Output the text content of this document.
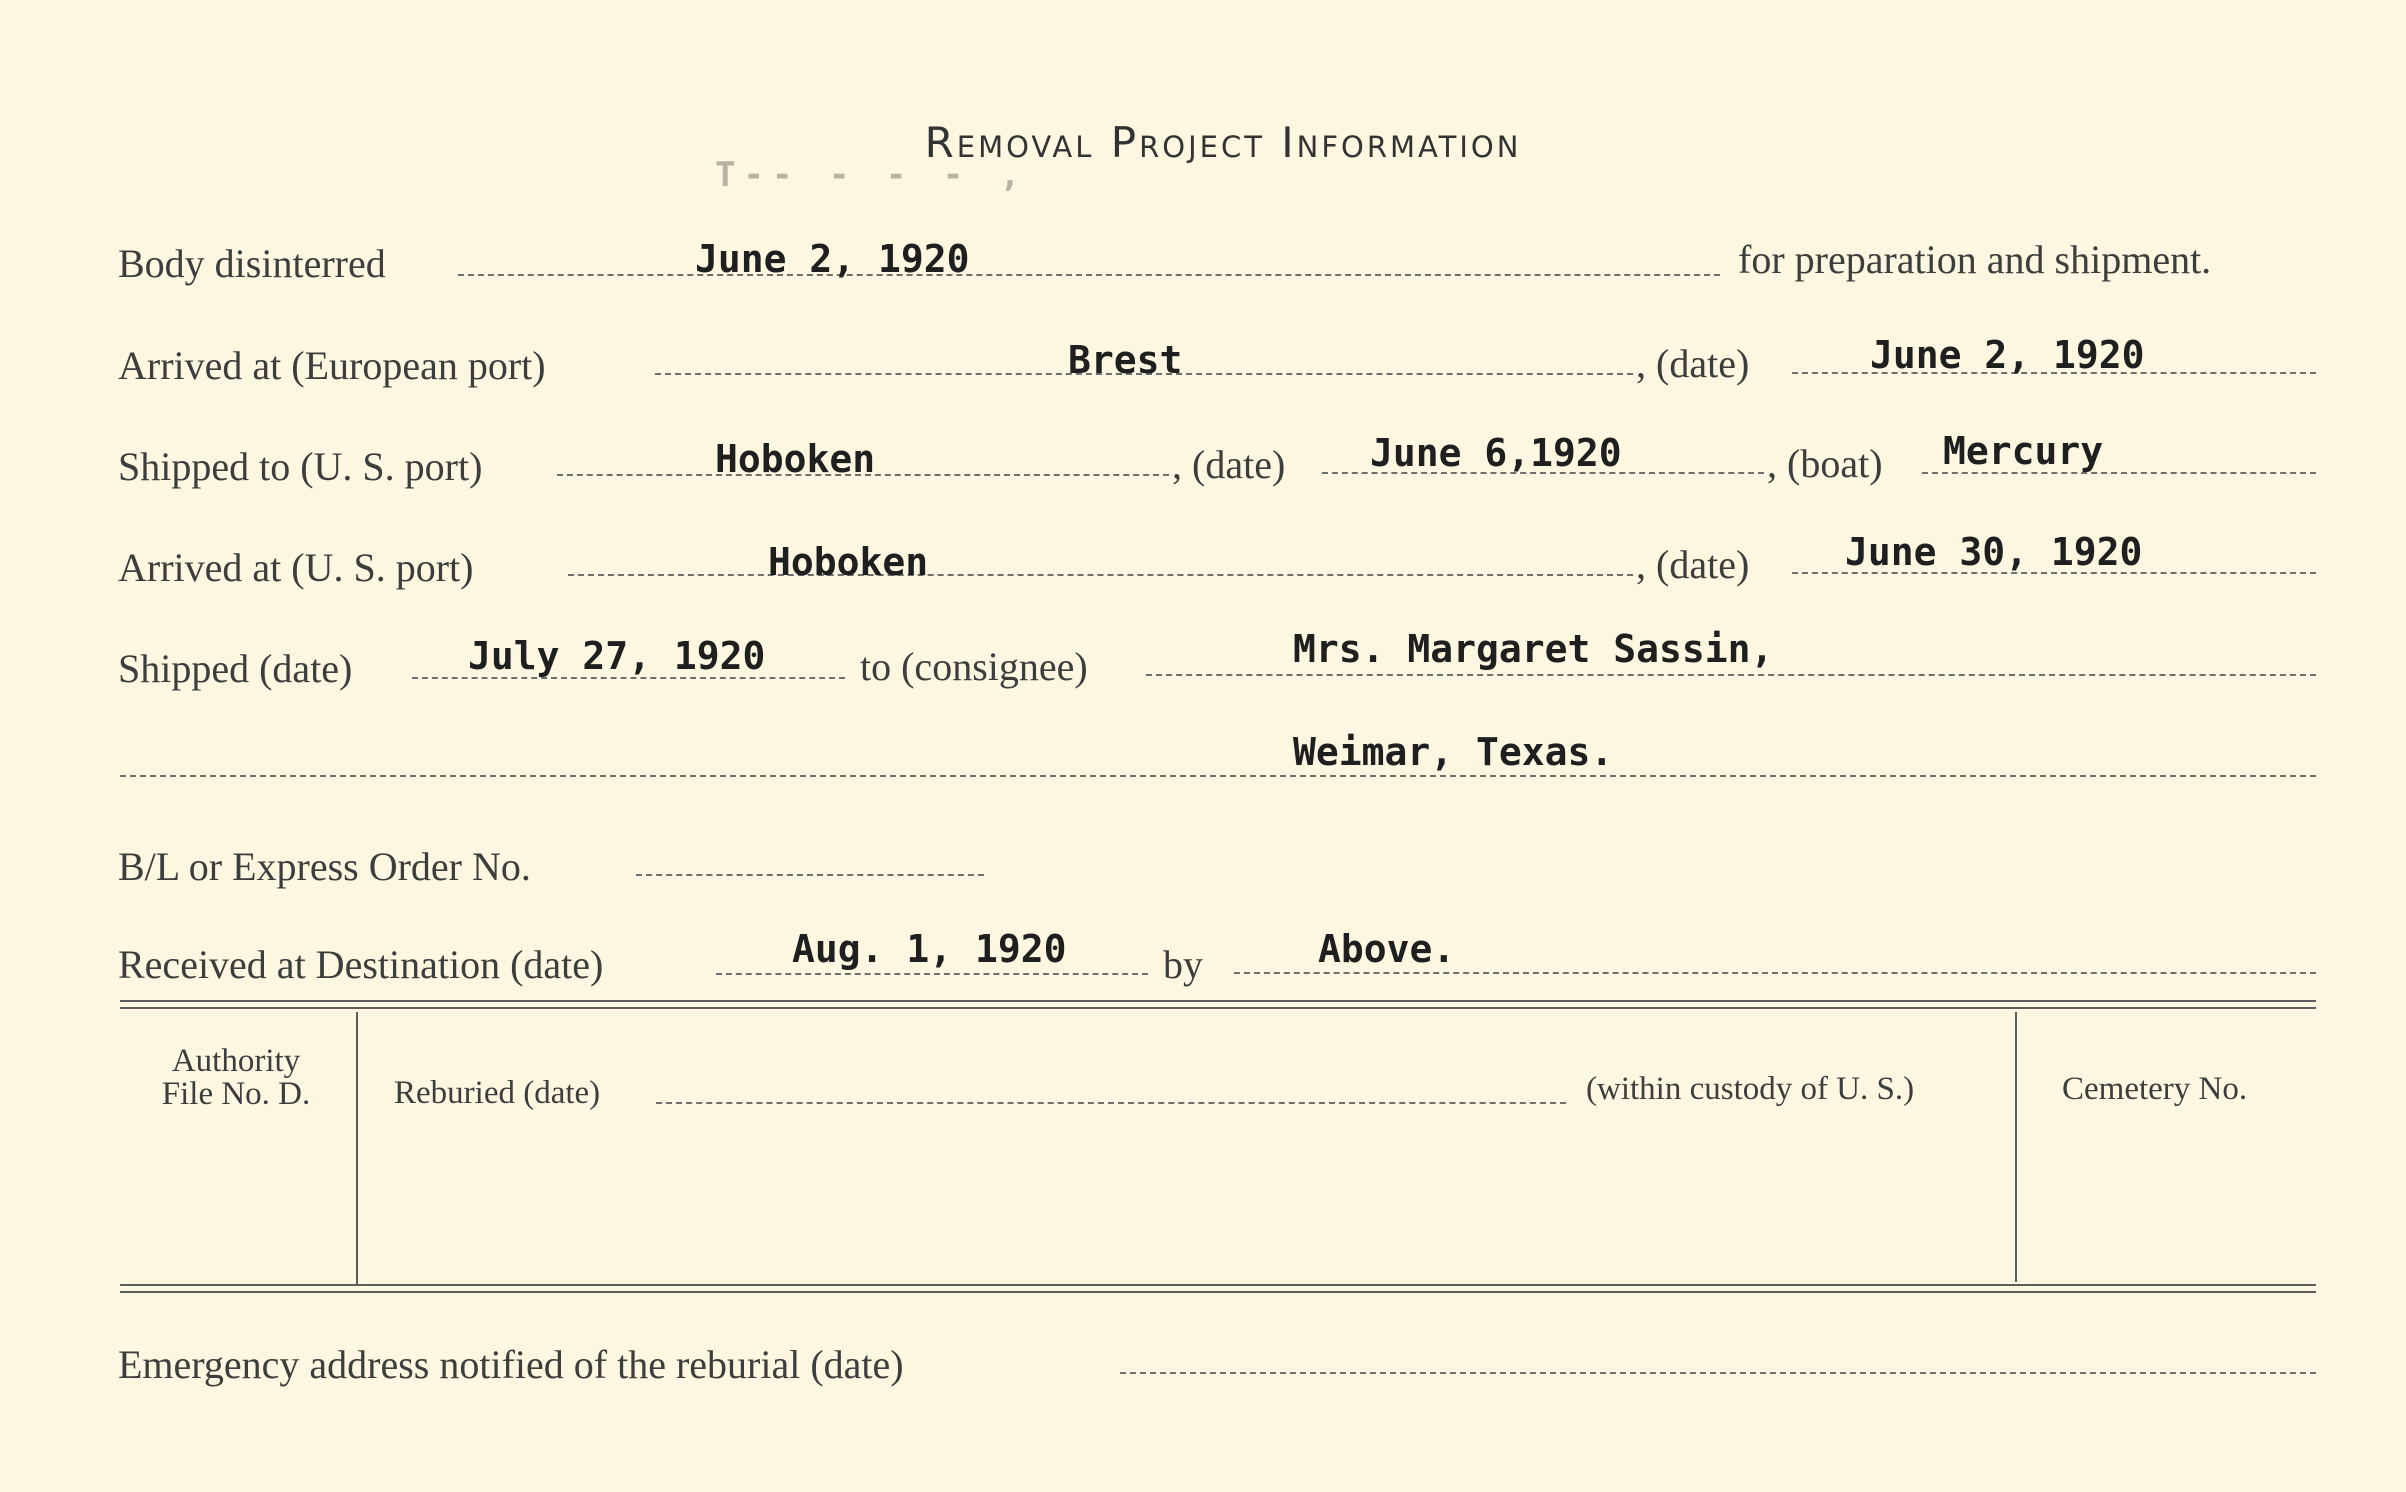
Removal Project Information
T-- - - - ,
Body disinterred	June 2, 1920	for preparation and shipment.
Arrived at (European port)	Brest	, (date)	June 2, 1920
Shipped to (U. S. port)	Hoboken	, (date) June 6,1920	, (boat) Mercury
Arrived at (U. S. port)	Hoboken	, (date)	June 30, 1920
Shipped (date)	July 27, 1920 to (consignee)	Mrs. Margaret Sassin,
Weimar, Texas.
B/L or Express Order No.
Received at Destination (date)	Aug. 1, 1920 by	Above.
Authority
File No. D.	Reburied (date)	(within custody of U. S.)	Cemetery No.
Emergency address notified of the reburial (date)
